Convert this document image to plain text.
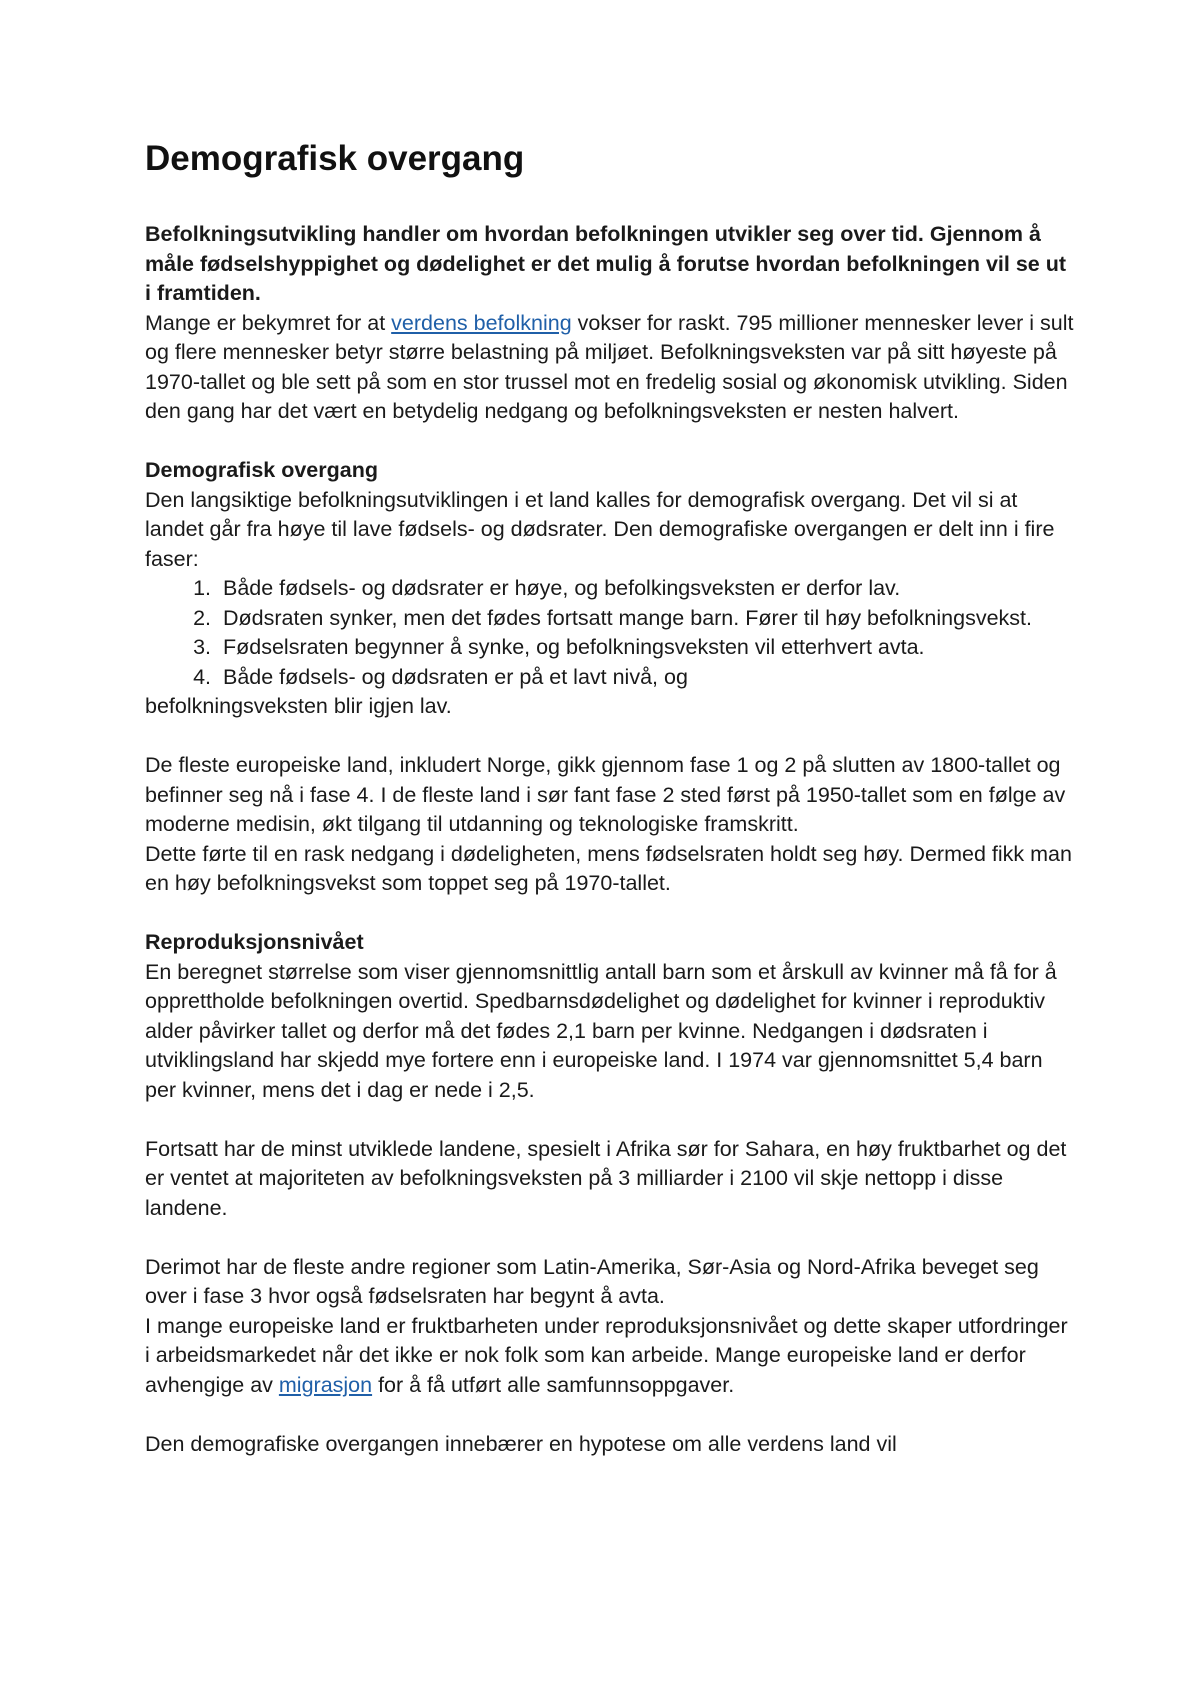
Demografisk overgang

Befolkningsutvikling handler om hvordan befolkningen utvikler seg over tid. Gjennom å måle fødselshyppighet og dødelighet er det mulig å forutse hvordan befolkningen vil se ut i framtiden.

Mange er bekymret for at verdens befolkning vokser for raskt. 795 millioner mennesker lever i sult og flere mennesker betyr større belastning på miljøet. Befolkningsveksten var på sitt høyeste på 1970-tallet og ble sett på som en stor trussel mot en fredelig sosial og økonomisk utvikling. Siden den gang har det vært en betydelig nedgang og befolkningsveksten er nesten halvert.

Demografisk overgang

Den langsiktige befolkningsutviklingen i et land kalles for demografisk overgang. Det vil si at landet går fra høye til lave fødsels- og dødsrater. Den demografiske overgangen er delt inn i fire faser:

1. Både fødsels- og dødsrater er høye, og befolkingsveksten er derfor lav.
2. Dødsraten synker, men det fødes fortsatt mange barn. Fører til høy befolkningsvekst.
3. Fødselsraten begynner å synke, og befolkningsveksten vil etterhvert avta.
4. Både fødsels- og dødsraten er på et lavt nivå, og

befolkningsveksten blir igjen lav.

De fleste europeiske land, inkludert Norge, gikk gjennom fase 1 og 2 på slutten av 1800-tallet og befinner seg nå i fase 4. I de fleste land i sør fant fase 2 sted først på 1950-tallet som en følge av moderne medisin, økt tilgang til utdanning og teknologiske framskritt.

Dette førte til en rask nedgang i dødeligheten, mens fødselsraten holdt seg høy. Dermed fikk man en høy befolkningsvekst som toppet seg på 1970-tallet.

Reproduksjonsnivået

En beregnet størrelse som viser gjennomsnittlig antall barn som et årskull av kvinner må få for å opprettholde befolkningen overtid. Spedbarnsdødelighet og dødelighet for kvinner i reproduktiv alder påvirker tallet og derfor må det fødes 2,1 barn per kvinne. Nedgangen i dødsraten i utviklingsland har skjedd mye fortere enn i europeiske land. I 1974 var gjennomsnittet 5,4 barn per kvinner, mens det i dag er nede i 2,5.

Fortsatt har de minst utviklede landene, spesielt i Afrika sør for Sahara, en høy fruktbarhet og det er ventet at majoriteten av befolkningsveksten på 3 milliarder i 2100 vil skje nettopp i disse landene.

Derimot har de fleste andre regioner som Latin-Amerika, Sør-Asia og Nord-Afrika beveget seg over i fase 3 hvor også fødselsraten har begynt å avta.

I mange europeiske land er fruktbarheten under reproduksjonsnivået og dette skaper utfordringer i arbeidsmarkedet når det ikke er nok folk som kan arbeide. Mange europeiske land er derfor avhengige av migrasjon for å få utført alle samfunnsoppgaver.

Den demografiske overgangen innebærer en hypotese om alle verdens land vil
